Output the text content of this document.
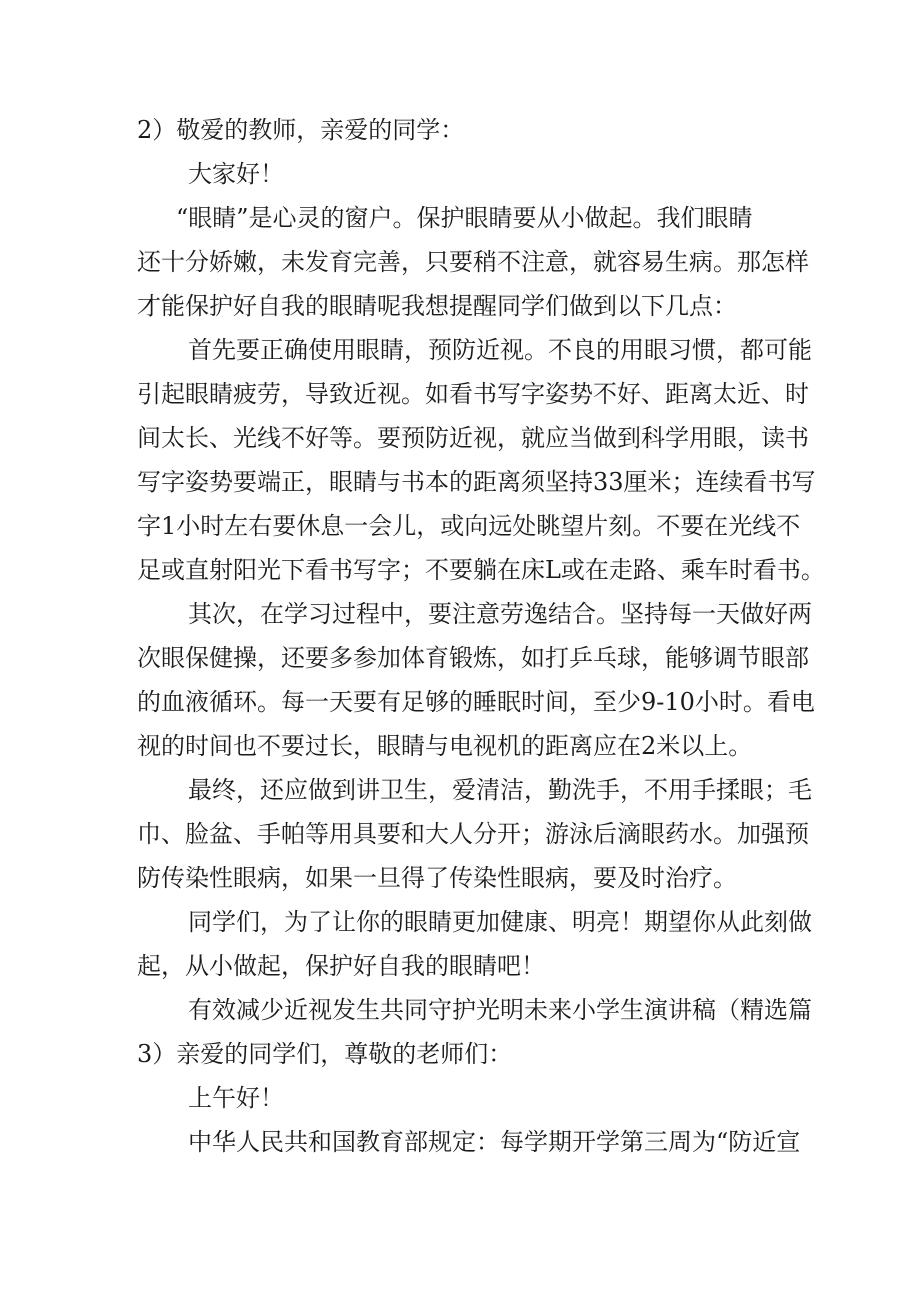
2）敬爱的教师，亲爱的同学：
大家好！
“眼睛”是心灵的窗户。保护眼睛要从小做起。我们眼睛
还十分娇嫩，未发育完善，只要稍不注意，就容易生病。那怎样
才能保护好自我的眼睛呢我想提醒同学们做到以下几点：
首先要正确使用眼睛，预防近视。不良的用眼习惯，都可能
引起眼睛疲劳，导致近视。如看书写字姿势不好、距离太近、时
间太长、光线不好等。要预防近视，就应当做到科学用眼，读书
写字姿势要端正，眼睛与书本的距离须坚持33厘米；连续看书写
字1小时左右要休息一会儿，或向远处眺望片刻。不要在光线不
足或直射阳光下看书写字；不要躺在床L或在走路、乘车时看书。
其次，在学习过程中，要注意劳逸结合。坚持每一天做好两
次眼保健操，还要多参加体育锻炼，如打乒乓球，能够调节眼部
的血液循环。每一天要有足够的睡眠时间，至少9-10小时。看电
视的时间也不要过长，眼睛与电视机的距离应在2米以上。
最终，还应做到讲卫生，爱清洁，勤洗手，不用手揉眼；毛
巾、脸盆、手帕等用具要和大人分开；游泳后滴眼药水。加强预
防传染性眼病，如果一旦得了传染性眼病，要及时治疗。
同学们，为了让你的眼睛更加健康、明亮！期望你从此刻做
起，从小做起，保护好自我的眼睛吧！
有效减少近视发生共同守护光明未来小学生演讲稿（精选篇
3）亲爱的同学们，尊敬的老师们：
上午好！
中华人民共和国教育部规定：每学期开学第三周为“防近宣
